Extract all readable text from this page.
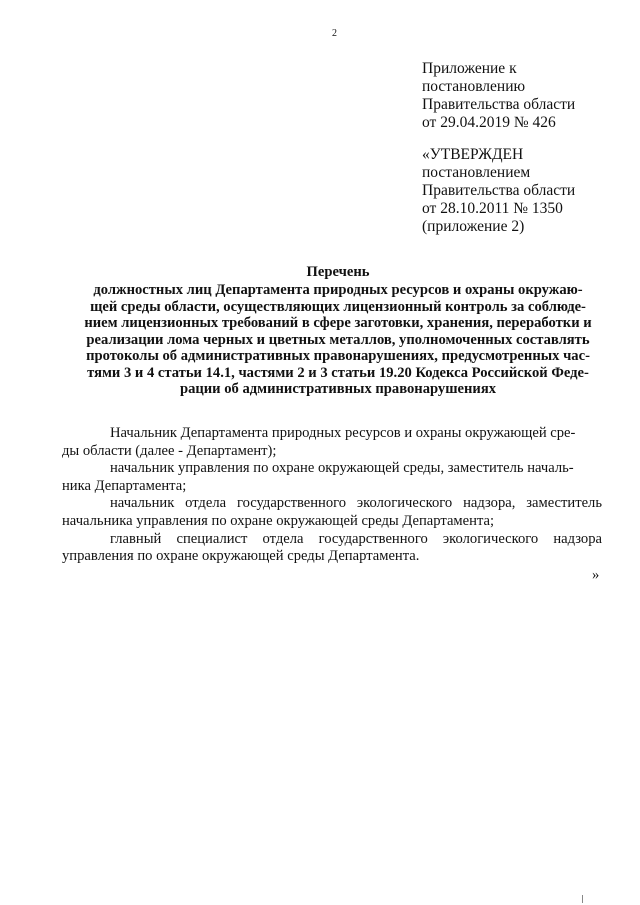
2
Приложение к
постановлению
Правительства области
от 29.04.2019 № 426
«УТВЕРЖДЕН
постановлением
Правительства области
от 28.10.2011 № 1350
(приложение 2)
Перечень
должностных лиц Департамента природных ресурсов и охраны окружаю-
щей среды области, осуществляющих лицензионный контроль за соблюде-
нием лицензионных требований в сфере заготовки, хранения, переработки и
реализации лома черных и цветных металлов, уполномоченных составлять
протоколы об административных правонарушениях, предусмотренных час-
тями 3 и 4 статьи 14.1, частями 2 и 3 статьи 19.20 Кодекса Российской Феде-
рации об административных правонарушениях
Начальник Департамента природных ресурсов и охраны окружающей сре-
ды области (далее - Департамент);
начальник управления по охране окружающей среды, заместитель началь-
ника Департамента;
начальник отдела государственного экологического надзора, заместитель
начальника управления по охране окружающей среды Департамента;
главный специалист отдела государственного экологического надзора
управления по охране окружающей среды Департамента.
»
